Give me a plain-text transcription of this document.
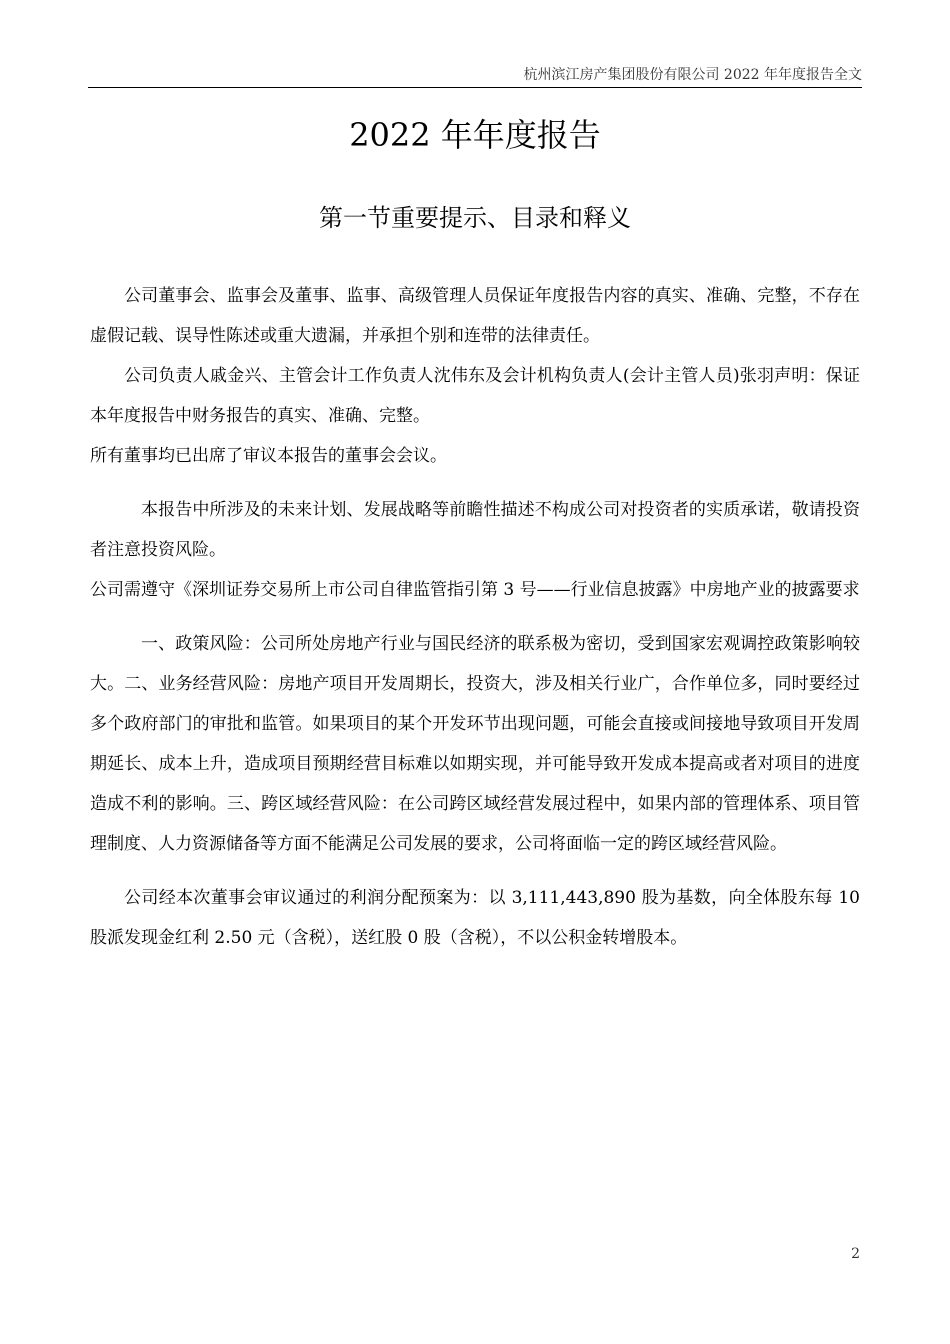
杭州滨江房产集团股份有限公司 2022 年年度报告全文
2022 年年度报告
第一节重要提示、目录和释义

公司董事会、监事会及董事、监事、高级管理人员保证年度报告内容的真实、准确、完整，不存在虚假记载、误导性陈述或重大遗漏，并承担个别和连带的法律责任。

公司负责人戚金兴、主管会计工作负责人沈伟东及会计机构负责人(会计主管人员)张羽声明：保证本年度报告中财务报告的真实、准确、完整。

所有董事均已出席了审议本报告的董事会会议。

本报告中所涉及的未来计划、发展战略等前瞻性描述不构成公司对投资者的实质承诺，敬请投资者注意投资风险。

公司需遵守《深圳证券交易所上市公司自律监管指引第 3 号——行业信息披露》中房地产业的披露要求

一、政策风险：公司所处房地产行业与国民经济的联系极为密切，受到国家宏观调控政策影响较大。二、业务经营风险：房地产项目开发周期长，投资大，涉及相关行业广，合作单位多，同时要经过多个政府部门的审批和监管。如果项目的某个开发环节出现问题，可能会直接或间接地导致项目开发周期延长、成本上升，造成项目预期经营目标难以如期实现，并可能导致开发成本提高或者对项目的进度造成不利的影响。三、跨区域经营风险：在公司跨区域经营发展过程中，如果内部的管理体系、项目管理制度、人力资源储备等方面不能满足公司发展的要求，公司将面临一定的跨区域经营风险。

公司经本次董事会审议通过的利润分配预案为：以 3,111,443,890 股为基数，向全体股东每 10 股派发现金红利 2.50 元（含税），送红股 0 股（含税），不以公积金转增股本。

2
